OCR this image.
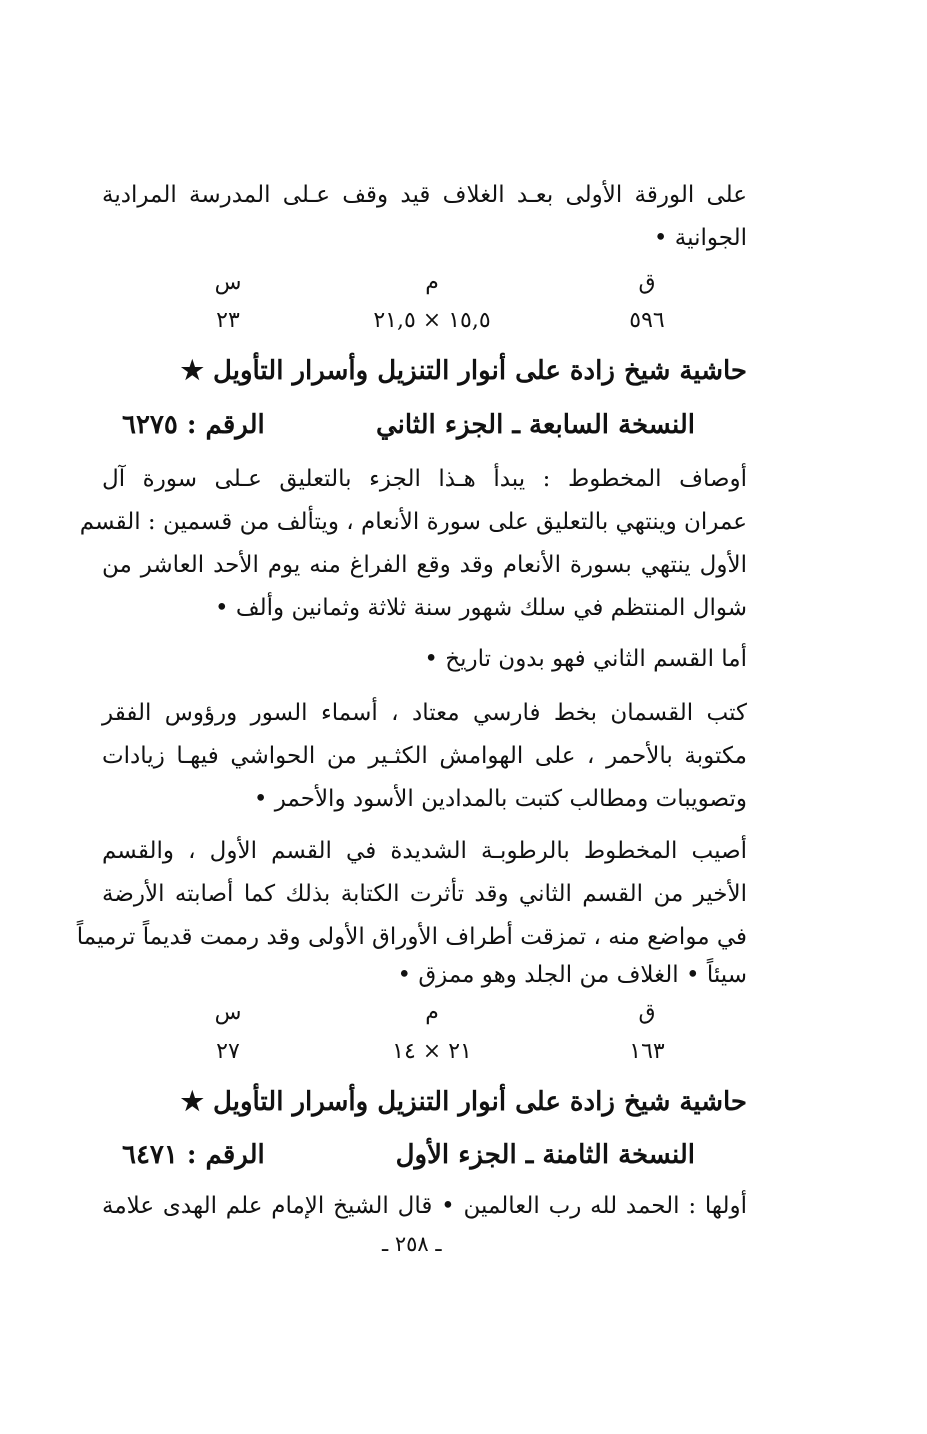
على الورقة الأولى بعـد الغلاف قيد وقف عـلى المدرسة المرادية
الجوانية •
ق
م
س
٥٩٦
١٥,٥ × ٢١,٥
٢٣
حاشية شيخ زادة على أنوار التنزيل وأسرار التأويل ★
النسخة السابعة ـ الجزء الثاني
الرقم : ٦٢٧٥
أوصاف المخطوط : يبدأ هـذا الجزء بالتعليق عـلى سورة آل
عمران وينتهي بالتعليق على سورة الأنعام ، ويتألف من قسمين : القسم
الأول ينتهي بسورة الأنعام وقد وقع الفراغ منه يوم الأحد العاشر من
شوال المنتظم في سلك شهور سنة ثلاثة وثمانين وألف •
أما القسم الثاني فهو بدون تاريخ •
كتب القسمان بخط فارسي معتاد ، أسماء السور ورؤوس الفقر
مكتوبة بالأحمر ، على الهوامش الكثـير من الحواشي فيهـا زيادات
وتصويبات ومطالب كتبت بالمدادين الأسود والأحمر •
أصيب المخطوط بالرطوبـة الشديدة في القسم الأول ، والقسم
الأخير من القسم الثاني وقد تأثرت الكتابة بذلك كما أصابته الأرضة
في مواضع منه ، تمزقت أطراف الأوراق الأولى وقد رممت قديماً ترميماً
سيئاً • الغلاف من الجلد وهو ممزق •
ق
م
س
١٦٣
٢١ × ١٤
٢٧
حاشية شيخ زادة على أنوار التنزيل وأسرار التأويل ★
النسخة الثامنة ـ الجزء الأول
الرقم : ٦٤٧١
أولها : الحمد لله رب العالمين • قال الشيخ الإمام علم الهدى علامة
ـ ٢٥٨ ـ
